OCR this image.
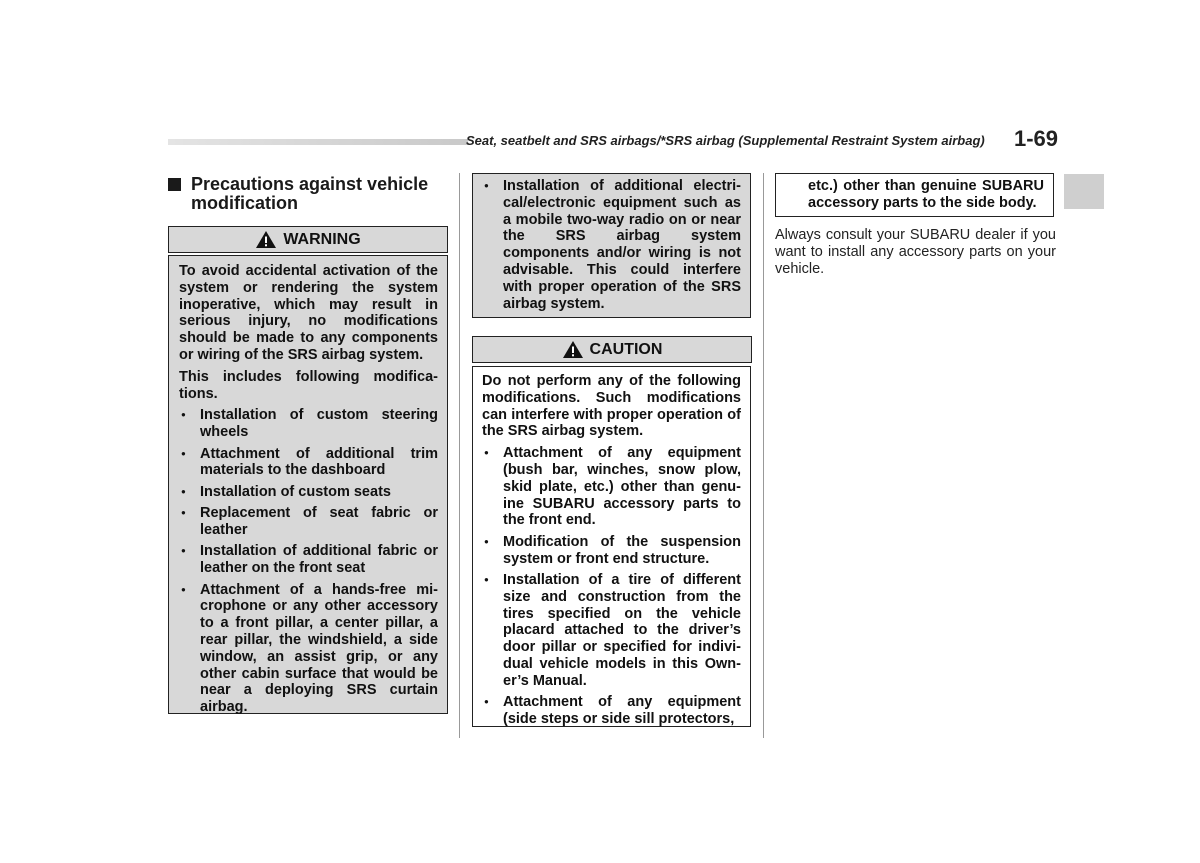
Seat, seatbelt and SRS airbags/*SRS airbag (Supplemental Restraint System airbag)	1-69
Precautions against vehicle modification
WARNING

To avoid accidental activation of the system or rendering the system inoperative, which may result in serious injury, no modifications should be made to any components or wiring of the SRS airbag system.

This includes following modifica-tions.

● Installation of custom steering wheels
● Attachment of additional trim materials to the dashboard
● Installation of custom seats
● Replacement of seat fabric or leather
● Installation of additional fabric or leather on the front seat
● Attachment of a hands-free mi-crophone or any other accessory to a front pillar, a center pillar, a rear pillar, the windshield, a side window, an assist grip, or any other cabin surface that would be near a deploying SRS curtain airbag.
● Installation of additional electri-cal/electronic equipment such as a mobile two-way radio on or near the SRS airbag system components and/or wiring is not advisable. This could interfere with proper operation of the SRS airbag system.
CAUTION

Do not perform any of the following modifications. Such modifications can interfere with proper operation of the SRS airbag system.

● Attachment of any equipment (bush bar, winches, snow plow, skid plate, etc.) other than genu-ine SUBARU accessory parts to the front end.
● Modification of the suspension system or front end structure.
● Installation of a tire of different size and construction from the tires specified on the vehicle placard attached to the driver’s door pillar or specified for indivi-dual vehicle models in this Own-er’s Manual.
● Attachment of any equipment (side steps or side sill protectors,

etc.) other than genuine SUBARU accessory parts to the side body.

Always consult your SUBARU dealer if you want to install any accessory parts on your vehicle.
